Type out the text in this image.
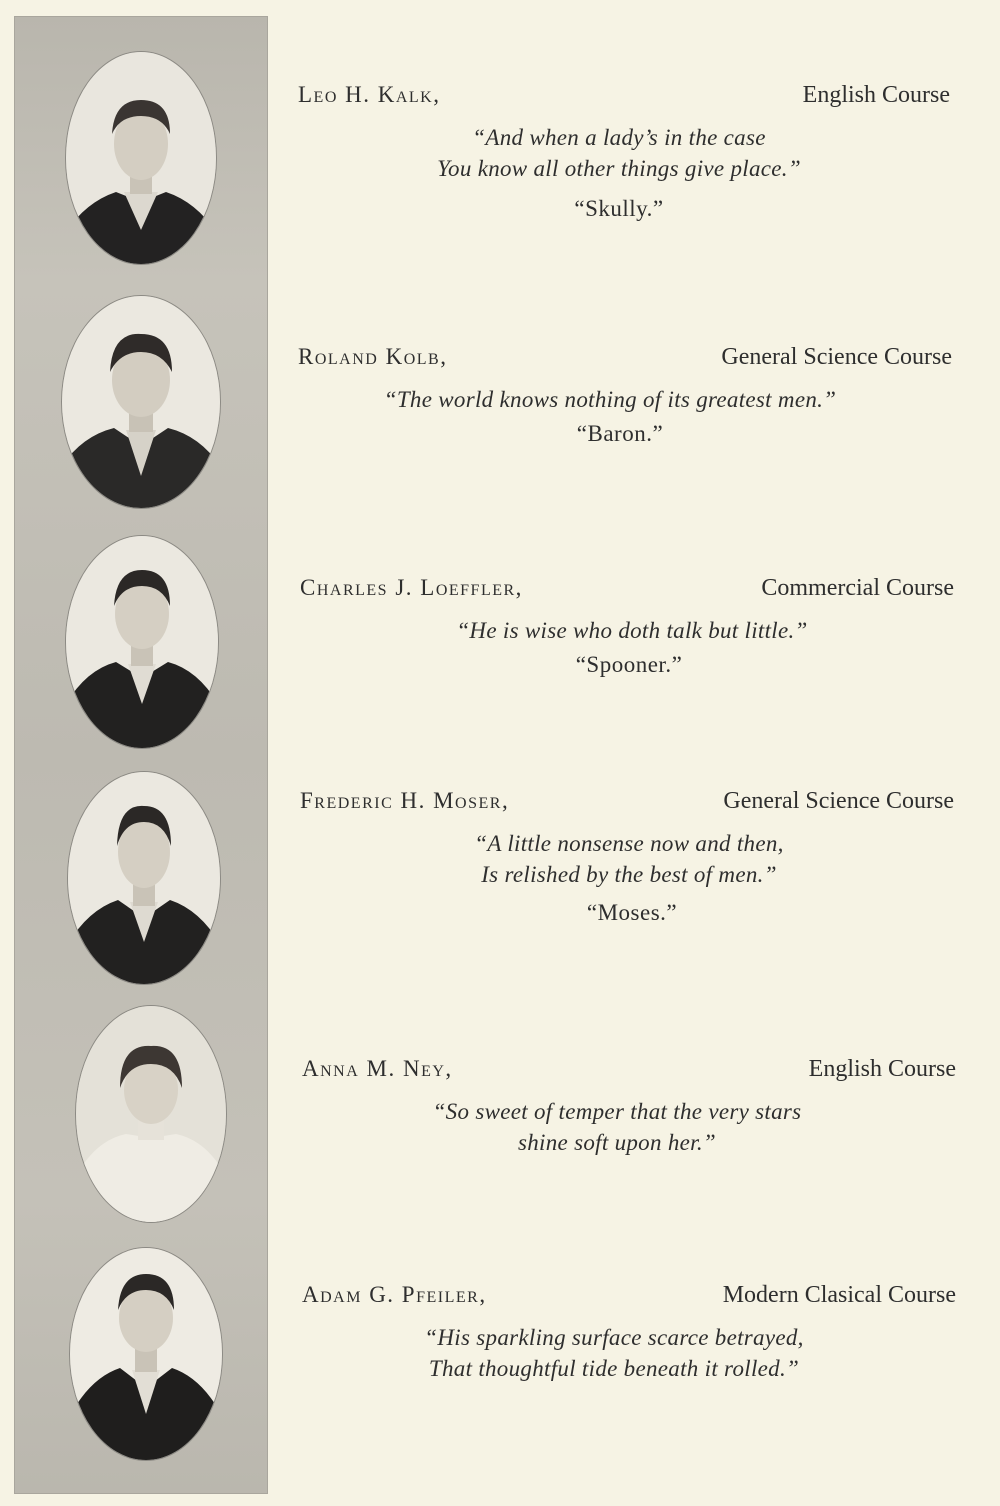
Leo H. Kalk,	English Course
“And when a lady’s in the case
You know all other things give place.”
“Skully.”
Roland Kolb,	General Science Course
“The world knows nothing of its greatest men.”
“Baron.”
Charles J. Loeffler,	Commercial Course
“He is wise who doth talk but little.”
“Spooner.”
Frederic H. Moser,	General Science Course
“A little nonsense now and then,
Is relished by the best of men.”
“Moses.”
Anna M. Ney,	English Course
“So sweet of temper that the very stars
shine soft upon her.”
Adam G. Pfeiler,	Modern Clasical Course
“His sparkling surface scarce betrayed,
That thoughtful tide beneath it rolled.”
